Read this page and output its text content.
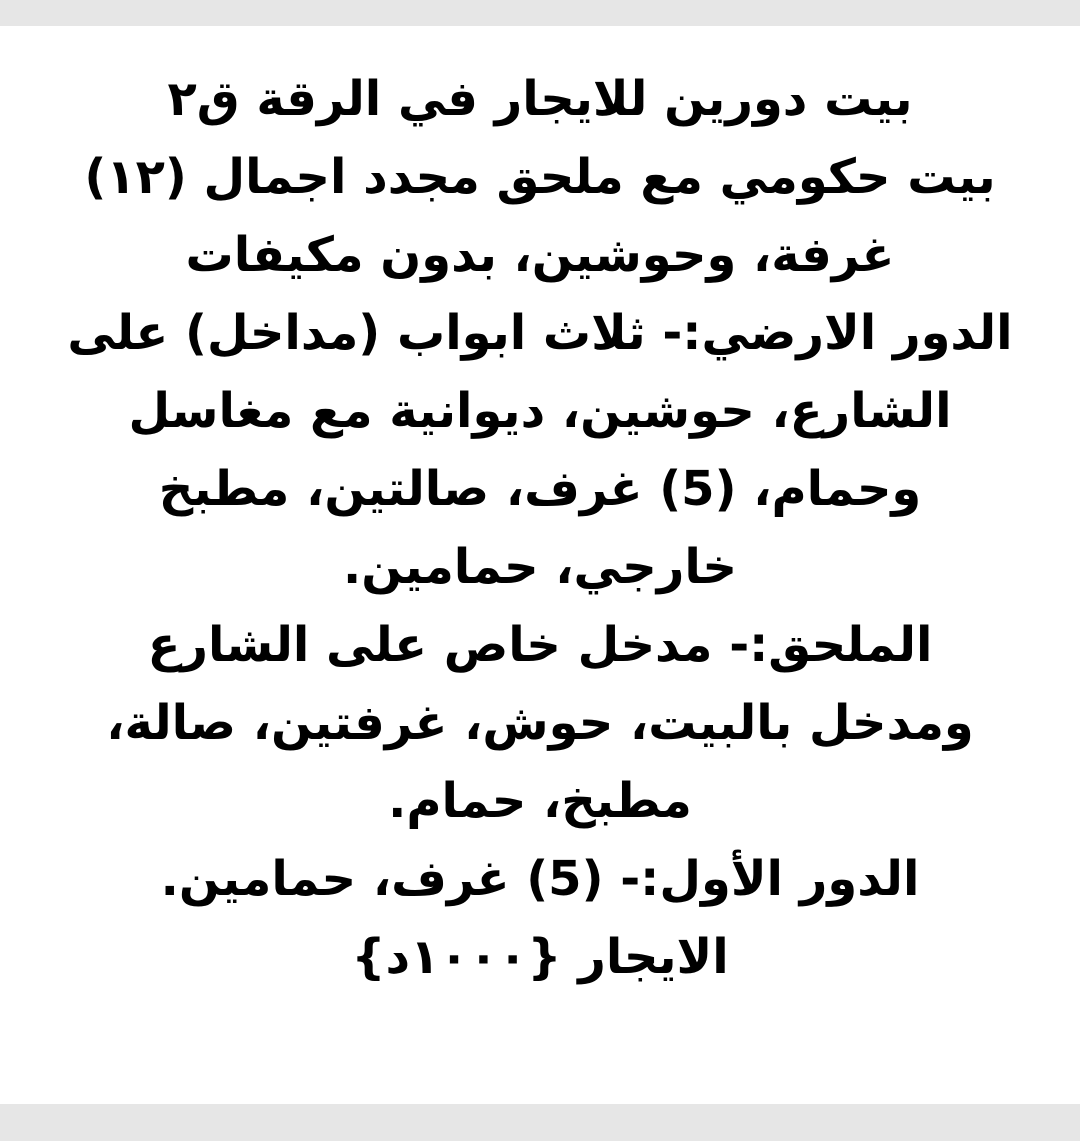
بيت دورين للايجار في الرقة ق٢
بيت حكومي مع ملحق مجدد اجمال (١٢)
غرفة، وحوشين، بدون مكيفات
الدور الارضي:- ثلاث ابواب (مداخل) على
الشارع، حوشين، ديوانية مع مغاسل
وحمام، (5) غرف، صالتين، مطبخ
خارجي، حمامين.
الملحق:- مدخل خاص على الشارع
ومدخل بالبيت، حوش، غرفتين، صالة،
مطبخ، حمام.
الدور الأول:- (5) غرف، حمامين.
الايجار {١٠٠٠د}
